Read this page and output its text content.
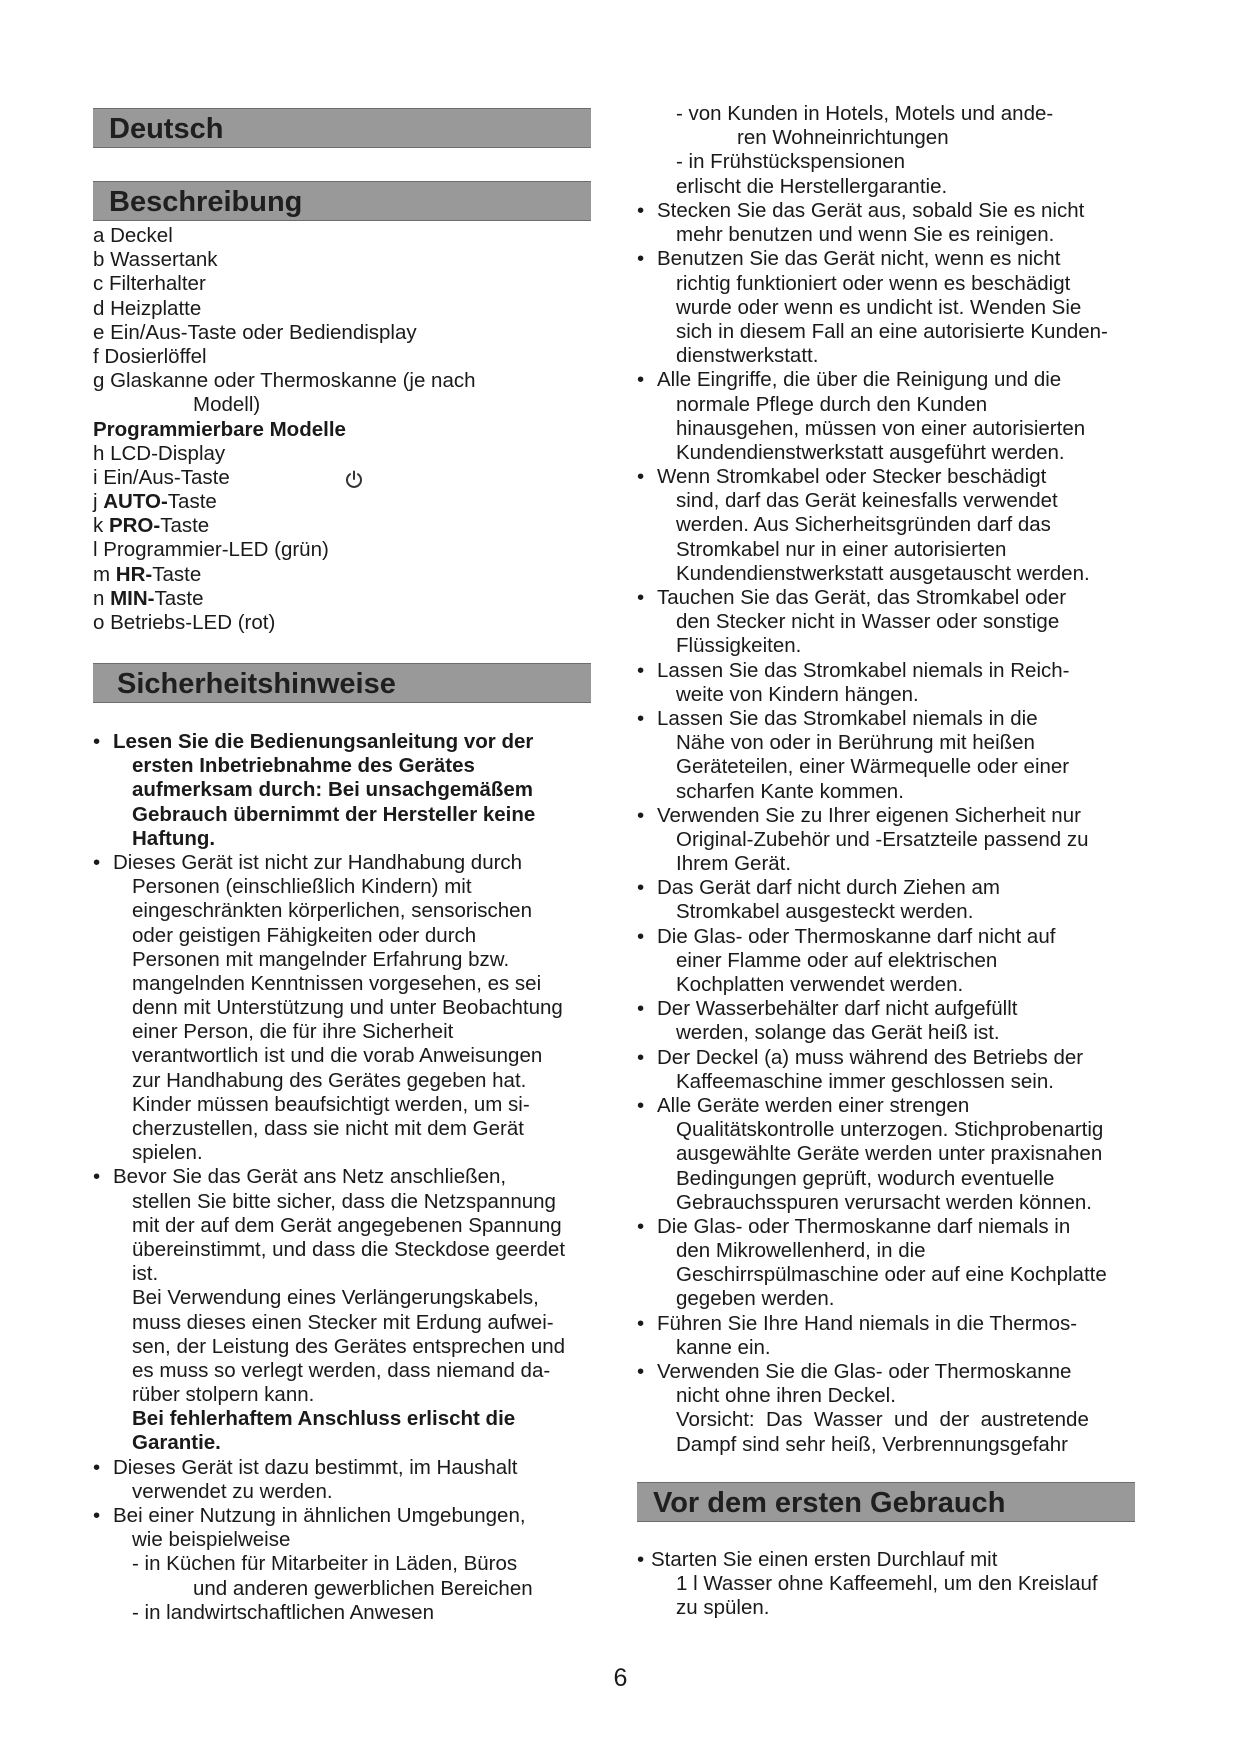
Deutsch
Beschreibung
Sicherheitshinweise
Vor dem ersten Gebrauch
a Deckel
b Wassertank
c Filterhalter
d Heizplatte
e Ein/Aus-Taste oder Bediendisplay
f Dosierlöffel
g Glaskanne oder Thermoskanne (je nach
Modell)
Programmierbare Modelle
h LCD-Display
i Ein/Aus-Taste
j AUTO-Taste
k PRO-Taste
l Programmier-LED (grün)
m HR-Taste
n MIN-Taste
o Betriebs-LED (rot)
• Lesen Sie die Bedienungsanleitung vor der
ersten Inbetriebnahme des Gerätes
aufmerksam durch: Bei unsachgemäßem
Gebrauch übernimmt der Hersteller keine
Haftung.
• Dieses Gerät ist nicht zur Handhabung durch
Personen (einschließlich Kindern) mit
eingeschränkten körperlichen, sensorischen
oder geistigen Fähigkeiten oder durch
Personen mit mangelnder Erfahrung bzw.
mangelnden Kenntnissen vorgesehen, es sei
denn mit Unterstützung und unter Beobachtung
einer Person, die für ihre Sicherheit
verantwortlich ist und die vorab Anweisungen
zur Handhabung des Gerätes gegeben hat.
Kinder müssen beaufsichtigt werden, um si-
cherzustellen, dass sie nicht mit dem Gerät
spielen.
• Bevor Sie das Gerät ans Netz anschließen,
stellen Sie bitte sicher, dass die Netzspannung
mit der auf dem Gerät angegebenen Spannung
übereinstimmt, und dass die Steckdose geerdet
ist.
Bei Verwendung eines Verlängerungskabels,
muss dieses einen Stecker mit Erdung aufwei-
sen, der Leistung des Gerätes entsprechen und
es muss so verlegt werden, dass niemand da-
rüber stolpern kann.
Bei fehlerhaftem Anschluss erlischt die
Garantie.
• Dieses Gerät ist dazu bestimmt, im Haushalt
verwendet zu werden.
• Bei einer Nutzung in ähnlichen Umgebungen,
wie beispielweise
- in Küchen für Mitarbeiter in Läden, Büros
und anderen gewerblichen Bereichen
- in landwirtschaftlichen Anwesen
- von Kunden in Hotels, Motels und ande-
ren Wohneinrichtungen
- in Frühstückspensionen
erlischt die Herstellergarantie.
• Stecken Sie das Gerät aus, sobald Sie es nicht
mehr benutzen und wenn Sie es reinigen.
• Benutzen Sie das Gerät nicht, wenn es nicht
richtig funktioniert oder wenn es beschädigt
wurde oder wenn es undicht ist. Wenden Sie
sich in diesem Fall an eine autorisierte Kunden-
dienstwerkstatt.
• Alle Eingriffe, die über die Reinigung und die
normale Pflege durch den Kunden
hinausgehen, müssen von einer autorisierten
Kundendienstwerkstatt ausgeführt werden.
• Wenn Stromkabel oder Stecker beschädigt
sind, darf das Gerät keinesfalls verwendet
werden. Aus Sicherheitsgründen darf das
Stromkabel nur in einer autorisierten
Kundendienstwerkstatt ausgetauscht werden.
• Tauchen Sie das Gerät, das Stromkabel oder
den Stecker nicht in Wasser oder sonstige
Flüssigkeiten.
• Lassen Sie das Stromkabel niemals in Reich-
weite von Kindern hängen.
• Lassen Sie das Stromkabel niemals in die
Nähe von oder in Berührung mit heißen
Geräteteilen, einer Wärmequelle oder einer
scharfen Kante kommen.
• Verwenden Sie zu Ihrer eigenen Sicherheit nur
Original-Zubehör und -Ersatzteile passend zu
Ihrem Gerät.
• Das Gerät darf nicht durch Ziehen am
Stromkabel ausgesteckt werden.
• Die Glas- oder Thermoskanne darf nicht auf
einer Flamme oder auf elektrischen
Kochplatten verwendet werden.
• Der Wasserbehälter darf nicht aufgefüllt
werden, solange das Gerät heiß ist.
• Der Deckel (a) muss während des Betriebs der
Kaffeemaschine immer geschlossen sein.
• Alle Geräte werden einer strengen
Qualitätskontrolle unterzogen. Stichprobenartig
ausgewählte Geräte werden unter praxisnahen
Bedingungen geprüft, wodurch eventuelle
Gebrauchsspuren verursacht werden können.
• Die Glas- oder Thermoskanne darf niemals in
den Mikrowellenherd, in die
Geschirrspülmaschine oder auf eine Kochplatte
gegeben werden.
• Führen Sie Ihre Hand niemals in die Thermos-
kanne ein.
• Verwenden Sie die Glas- oder Thermoskanne
nicht ohne ihren Deckel.
Vorsicht:  Das  Wasser  und  der  austretende
Dampf sind sehr heiß, Verbrennungsgefahr
• Starten Sie einen ersten Durchlauf mit
1 l Wasser ohne Kaffeemehl, um den Kreislauf
zu spülen.
6
